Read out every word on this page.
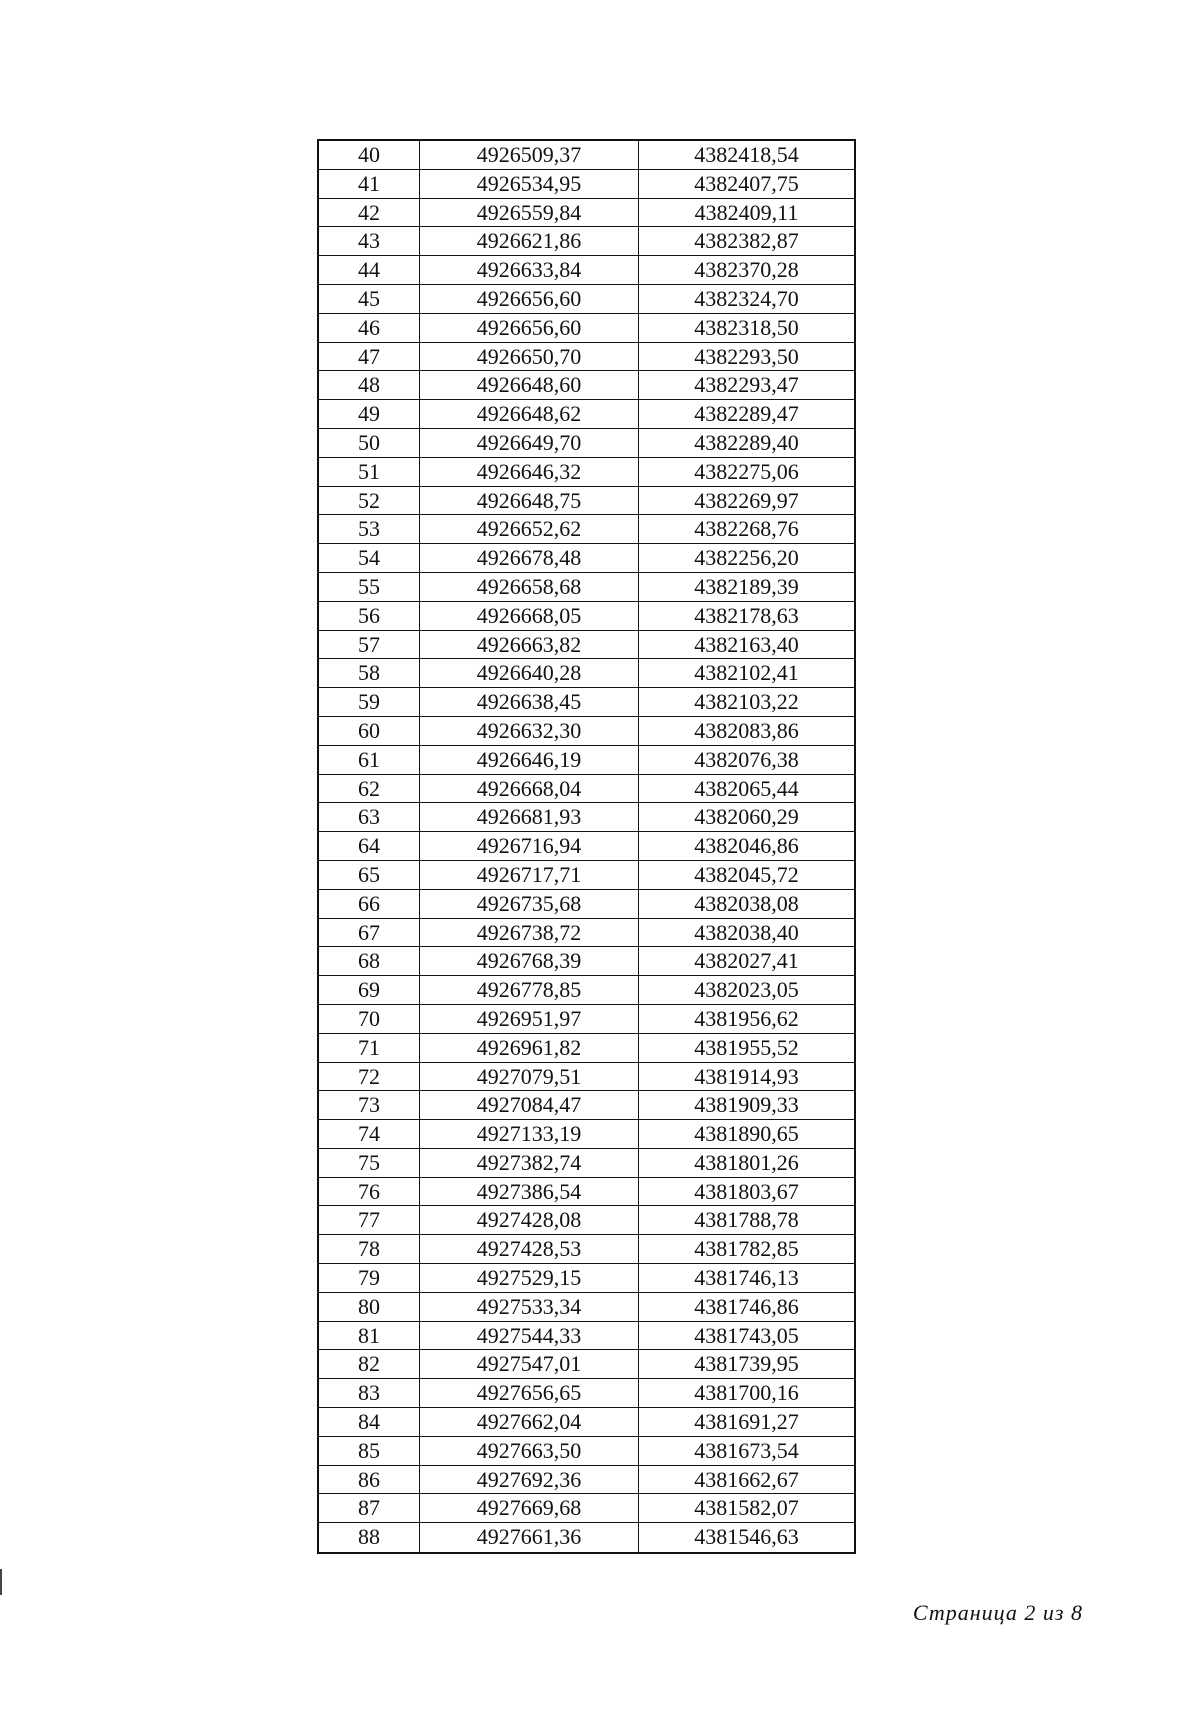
40	4926509,37	4382418,54
41	4926534,95	4382407,75
42	4926559,84	4382409,11
43	4926621,86	4382382,87
44	4926633,84	4382370,28
45	4926656,60	4382324,70
46	4926656,60	4382318,50
47	4926650,70	4382293,50
48	4926648,60	4382293,47
49	4926648,62	4382289,47
50	4926649,70	4382289,40
51	4926646,32	4382275,06
52	4926648,75	4382269,97
53	4926652,62	4382268,76
54	4926678,48	4382256,20
55	4926658,68	4382189,39
56	4926668,05	4382178,63
57	4926663,82	4382163,40
58	4926640,28	4382102,41
59	4926638,45	4382103,22
60	4926632,30	4382083,86
61	4926646,19	4382076,38
62	4926668,04	4382065,44
63	4926681,93	4382060,29
64	4926716,94	4382046,86
65	4926717,71	4382045,72
66	4926735,68	4382038,08
67	4926738,72	4382038,40
68	4926768,39	4382027,41
69	4926778,85	4382023,05
70	4926951,97	4381956,62
71	4926961,82	4381955,52
72	4927079,51	4381914,93
73	4927084,47	4381909,33
74	4927133,19	4381890,65
75	4927382,74	4381801,26
76	4927386,54	4381803,67
77	4927428,08	4381788,78
78	4927428,53	4381782,85
79	4927529,15	4381746,13
80	4927533,34	4381746,86
81	4927544,33	4381743,05
82	4927547,01	4381739,95
83	4927656,65	4381700,16
84	4927662,04	4381691,27
85	4927663,50	4381673,54
86	4927692,36	4381662,67
87	4927669,68	4381582,07
88	4927661,36	4381546,63
Страница 2 из 8
